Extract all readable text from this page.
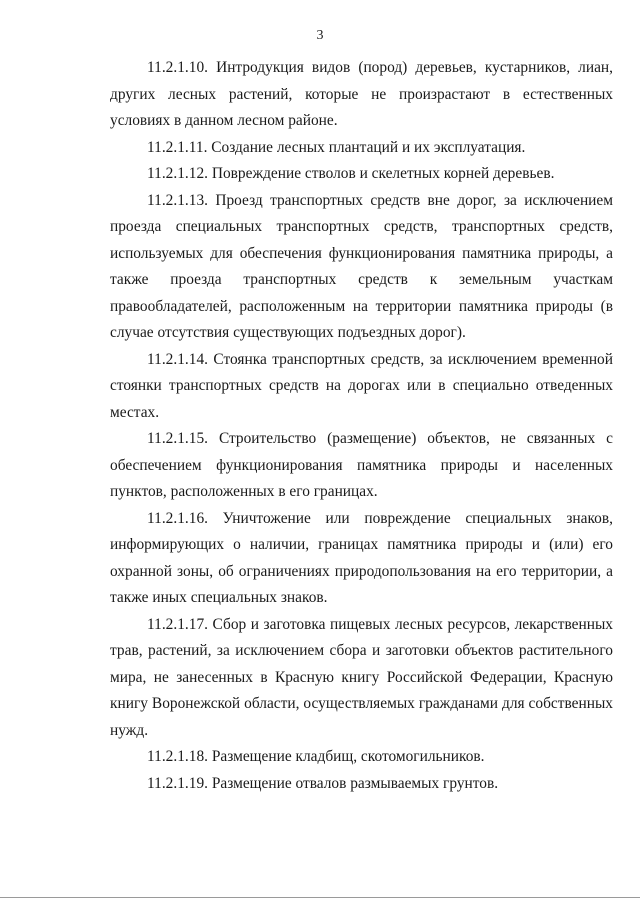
3

11.2.1.10. Интродукция видов (пород) деревьев, кустарников, лиан, других лесных растений, которые не произрастают в естественных условиях в данном лесном районе.

11.2.1.11. Создание лесных плантаций и их эксплуатация.

11.2.1.12. Повреждение стволов и скелетных корней деревьев.

11.2.1.13. Проезд транспортных средств вне дорог, за исключением проезда специальных транспортных средств, транспортных средств, используемых для обеспечения функционирования памятника природы, а также проезда транспортных средств к земельным участкам правообладателей, расположенным на территории памятника природы (в случае отсутствия существующих подъездных дорог).

11.2.1.14. Стоянка транспортных средств, за исключением временной стоянки транспортных средств на дорогах или в специально отведенных местах.

11.2.1.15. Строительство (размещение) объектов, не связанных с обеспечением функционирования памятника природы и населенных пунктов, расположенных в его границах.

11.2.1.16. Уничтожение или повреждение специальных знаков, информирующих о наличии, границах памятника природы и (или) его охранной зоны, об ограничениях природопользования на его территории, а также иных специальных знаков.

11.2.1.17. Сбор и заготовка пищевых лесных ресурсов, лекарственных трав, растений, за исключением сбора и заготовки объектов растительного мира, не занесенных в Красную книгу Российской Федерации, Красную книгу Воронежской области, осуществляемых гражданами для собственных нужд.

11.2.1.18. Размещение кладбищ, скотомогильников.

11.2.1.19. Размещение отвалов размываемых грунтов.
